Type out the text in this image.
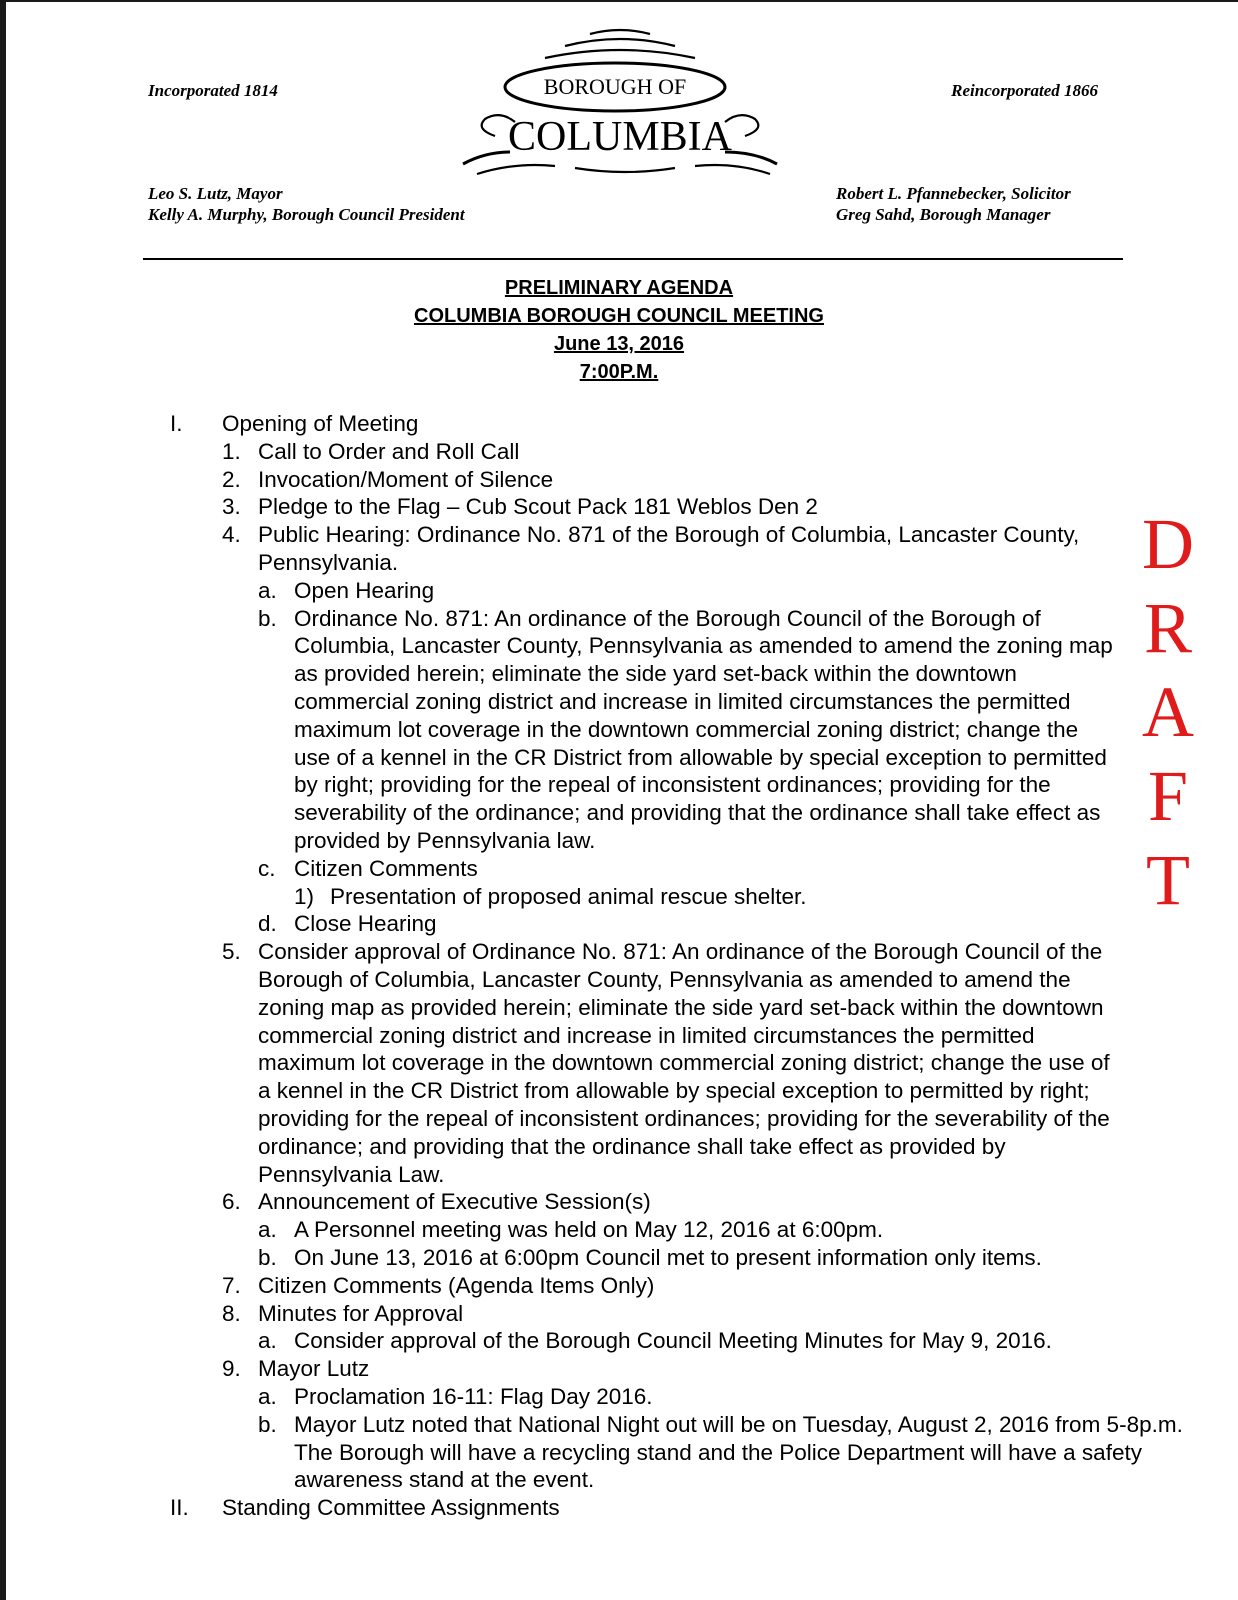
Incorporated 1814	Reincorporated 1866
BOROUGH OF
COLUMBIA
Leo S. Lutz, Mayor
Kelly A. Murphy, Borough Council President
Robert L. Pfannebecker, Solicitor
Greg Sahd, Borough Manager
PRELIMINARY AGENDA
COLUMBIA BOROUGH COUNCIL MEETING
June 13, 2016
7:00P.M.
D
R
A
F
T
I. Opening of Meeting
1. Call to Order and Roll Call
2. Invocation/Moment of Silence
3. Pledge to the Flag – Cub Scout Pack 181 Weblos Den 2
4. Public Hearing: Ordinance No. 871 of the Borough of Columbia, Lancaster County,
Pennsylvania.
a. Open Hearing
b. Ordinance No. 871: An ordinance of the Borough Council of the Borough of
Columbia, Lancaster County, Pennsylvania as amended to amend the zoning map
as provided herein; eliminate the side yard set-back within the downtown
commercial zoning district and increase in limited circumstances the permitted
maximum lot coverage in the downtown commercial zoning district; change the
use of a kennel in the CR District from allowable by special exception to permitted
by right; providing for the repeal of inconsistent ordinances; providing for the
severability of the ordinance; and providing that the ordinance shall take effect as
provided by Pennsylvania law.
c. Citizen Comments
1) Presentation of proposed animal rescue shelter.
d. Close Hearing
5. Consider approval of Ordinance No. 871: An ordinance of the Borough Council of the
Borough of Columbia, Lancaster County, Pennsylvania as amended to amend the
zoning map as provided herein; eliminate the side yard set-back within the downtown
commercial zoning district and increase in limited circumstances the permitted
maximum lot coverage in the downtown commercial zoning district; change the use of
a kennel in the CR District from allowable by special exception to permitted by right;
providing for the repeal of inconsistent ordinances; providing for the severability of the
ordinance; and providing that the ordinance shall take effect as provided by
Pennsylvania Law.
6. Announcement of Executive Session(s)
a. A Personnel meeting was held on May 12, 2016 at 6:00pm.
b. On June 13, 2016 at 6:00pm Council met to present information only items.
7. Citizen Comments (Agenda Items Only)
8. Minutes for Approval
a. Consider approval of the Borough Council Meeting Minutes for May 9, 2016.
9. Mayor Lutz
a. Proclamation 16-11: Flag Day 2016.
b. Mayor Lutz noted that National Night out will be on Tuesday, August 2, 2016 from 5-8p.m.
The Borough will have a recycling stand and the Police Department will have a safety
awareness stand at the event.
II. Standing Committee Assignments
